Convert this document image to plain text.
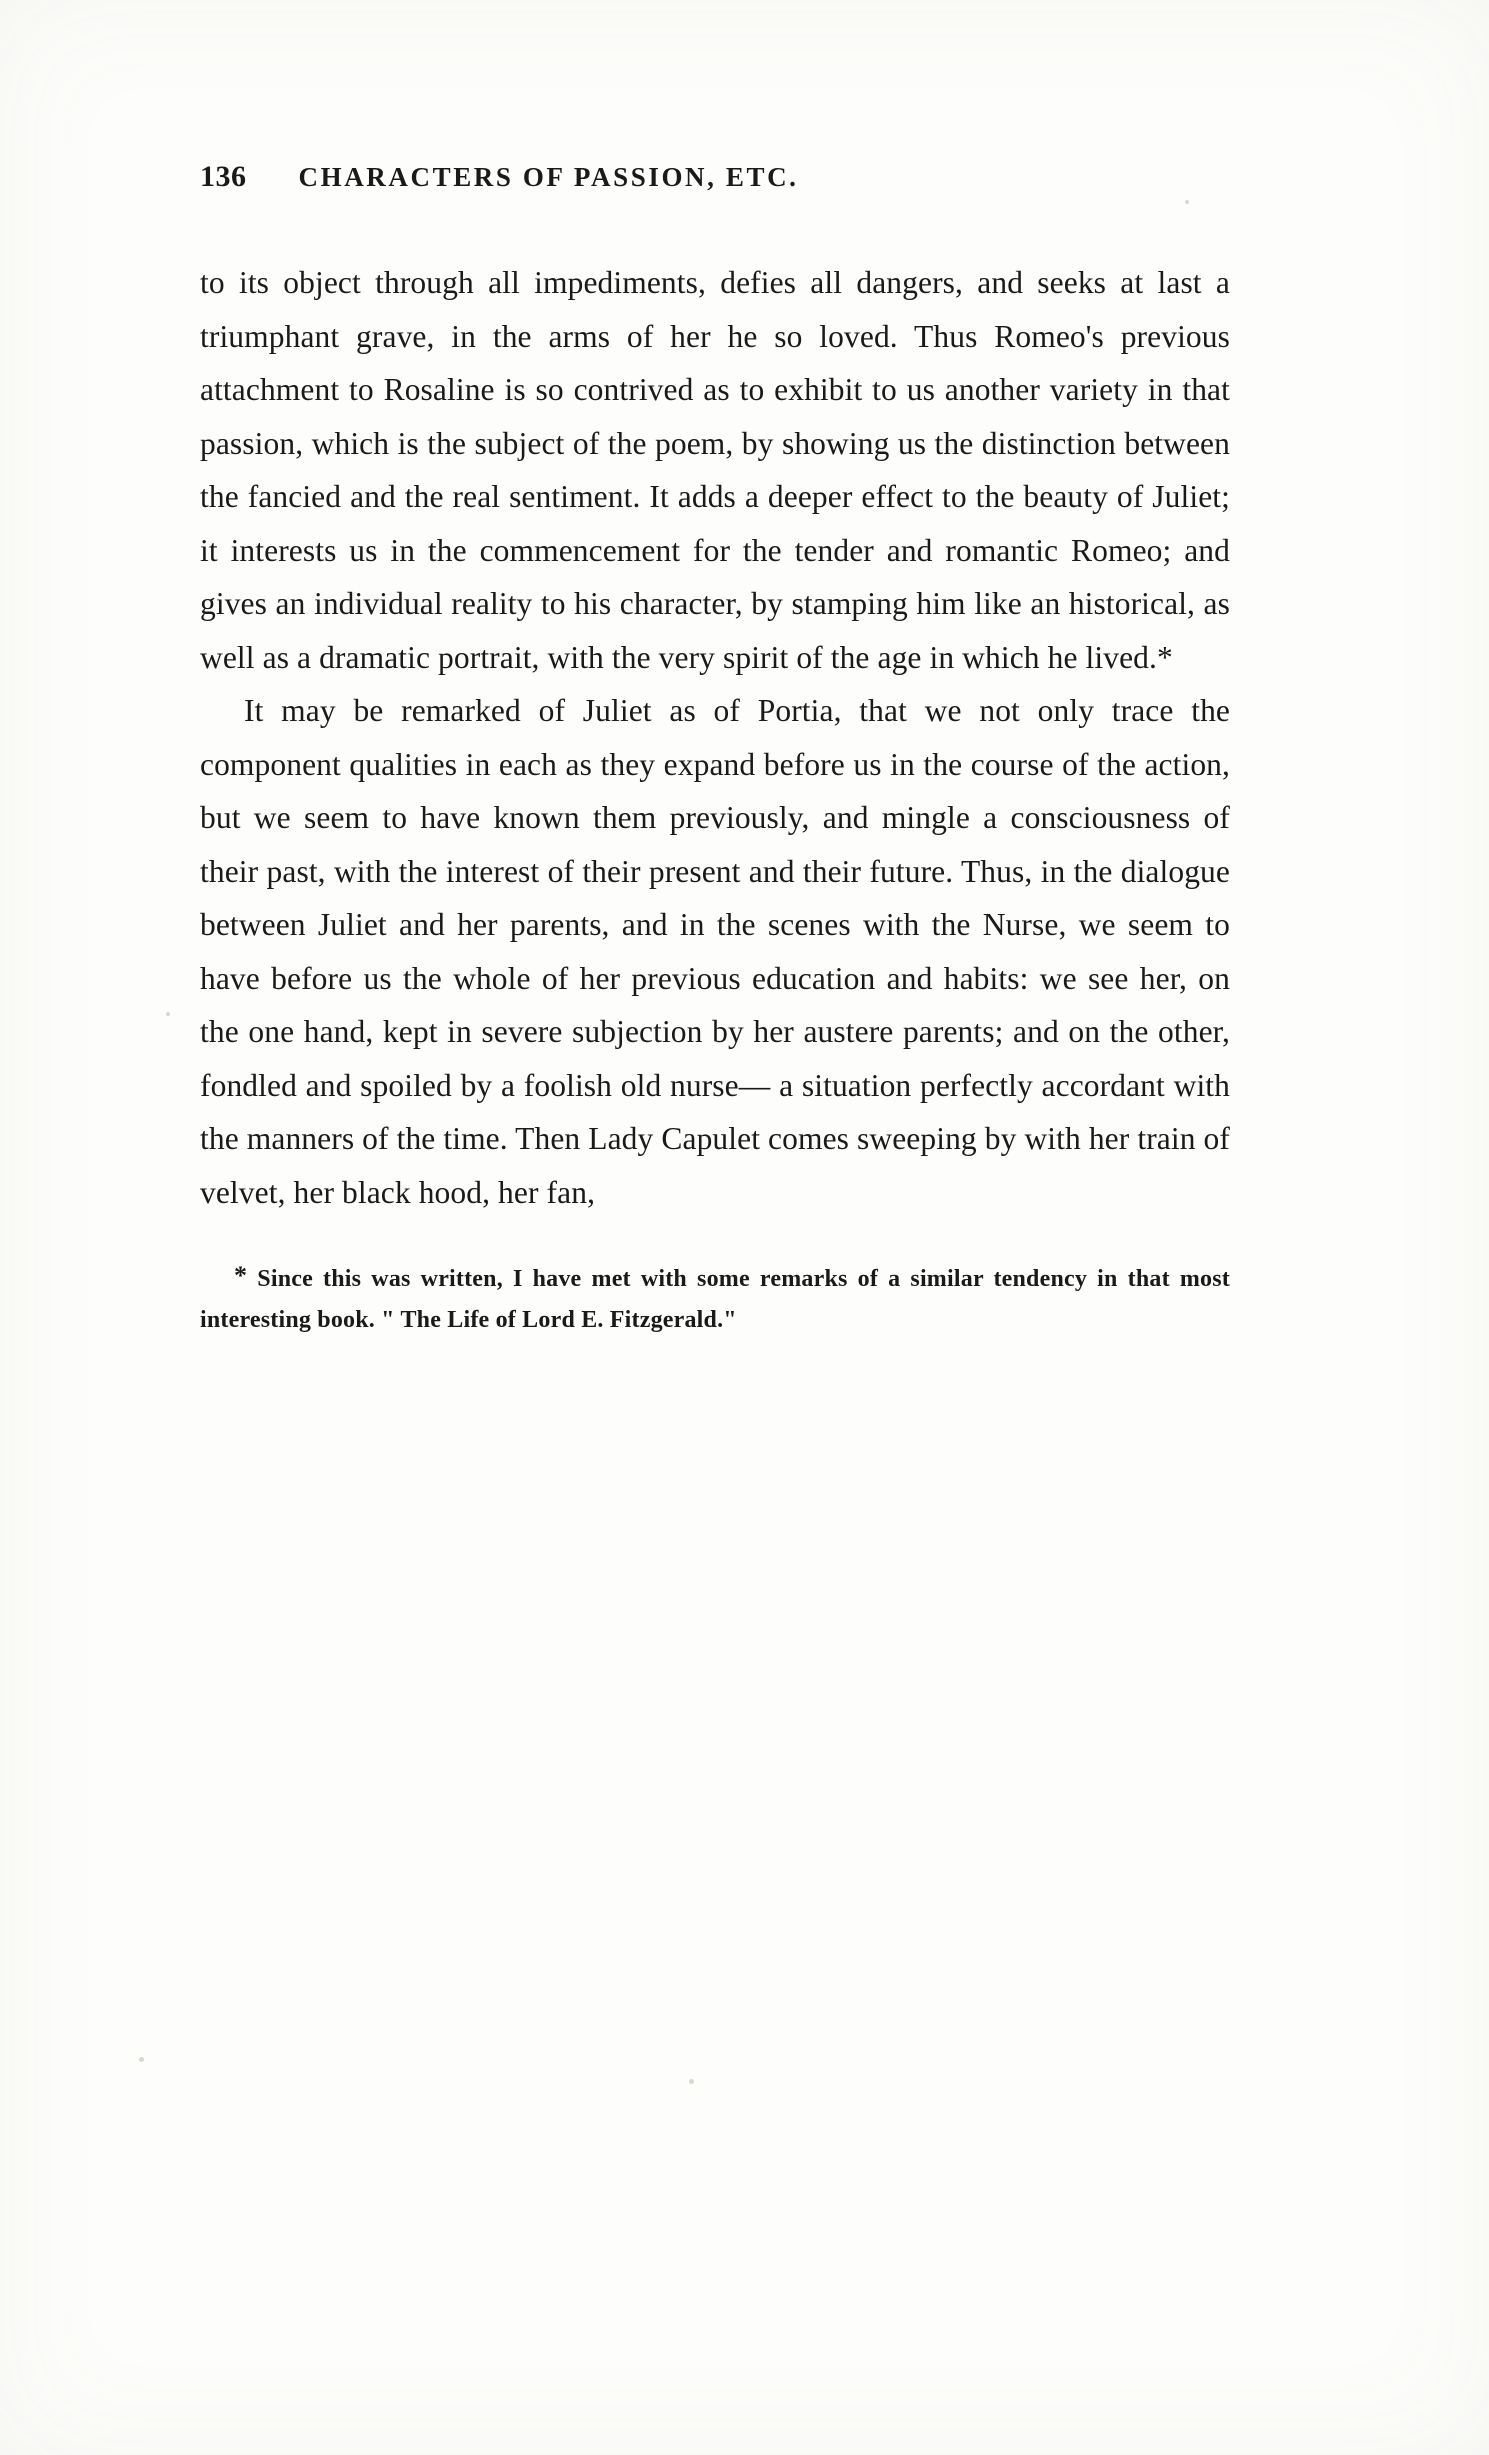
136 CHARACTERS OF PASSION, ETC.

to its object through all impediments, defies all dangers, and seeks at last a triumphant grave, in the arms of her he so loved. Thus Romeo's previous attachment to Rosaline is so contrived as to exhibit to us another variety in that passion, which is the subject of the poem, by showing us the distinction between the fancied and the real sentiment. It adds a deeper effect to the beauty of Juliet; it interests us in the commencement for the tender and romantic Romeo; and gives an individual reality to his character, by stamping him like an historical, as well as a dramatic portrait, with the very spirit of the age in which he lived.*

It may be remarked of Juliet as of Portia, that we not only trace the component qualities in each as they expand before us in the course of the action, but we seem to have known them previously, and mingle a consciousness of their past, with the interest of their present and their future. Thus, in the dialogue between Juliet and her parents, and in the scenes with the Nurse, we seem to have before us the whole of her previous education and habits: we see her, on the one hand, kept in severe subjection by her austere parents; and on the other, fondled and spoiled by a foolish old nurse— a situation perfectly accordant with the manners of the time. Then Lady Capulet comes sweeping by with her train of velvet, her black hood, her fan,

* Since this was written, I have met with some remarks of a similar tendency in that most interesting book. " The Life of Lord E. Fitzgerald."
